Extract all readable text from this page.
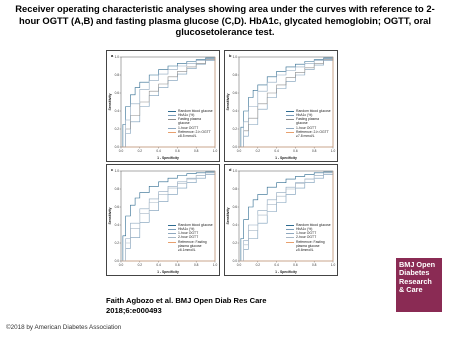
Receiver operating characteristic analyses showing area under the curves with reference to 2-hour OGTT (A,B) and fasting plasma glucose (C,D). HbA1c, glycated hemoglobin; OGTT, oral glucosetolerance test.
0.0
0.0
0.2
0.2
0.4
0.4
0.6
0.6
0.8
0.8
1.0
1.0
1 - Specificity
Sensitivity
a
Random blood glucose
HbA1c (%)
Fasting plasma glucose
1-hour OGTT
Reference: 2-h OGTT ≥8.5 mmol/L
0.0
0.0
0.2
0.2
0.4
0.4
0.6
0.6
0.8
0.8
1.0
1.0
1 - Specificity
Sensitivity
b
Random blood glucose
HbA1c (%)
Fasting plasma glucose
1-hour OGTT
Reference: 2-h OGTT ≥7.8 mmol/L
0.0
0.0
0.2
0.2
0.4
0.4
0.6
0.6
0.8
0.8
1.0
1.0
1 - Specificity
Sensitivity
c
Random blood glucose
HbA1c (%)
1-hour OGTT
2-hour OGTT
Reference: Fasting plasma glucose ≥6.1mmol/L
0.0
0.0
0.2
0.2
0.4
0.4
0.6
0.6
0.8
0.8
1.0
1.0
1 - Specificity
Sensitivity
d
Random blood glucose
HbA1c (%)
1-hour OGTT
2-hour OGTT
Reference: Fasting plasma glucose ≥5.6mmol/L
Faith Agbozo et al. BMJ Open Diab Res Care
2018;6:e000493
©2018 by American Diabetes Association
BMJ Open
Diabetes
Research
& Care
